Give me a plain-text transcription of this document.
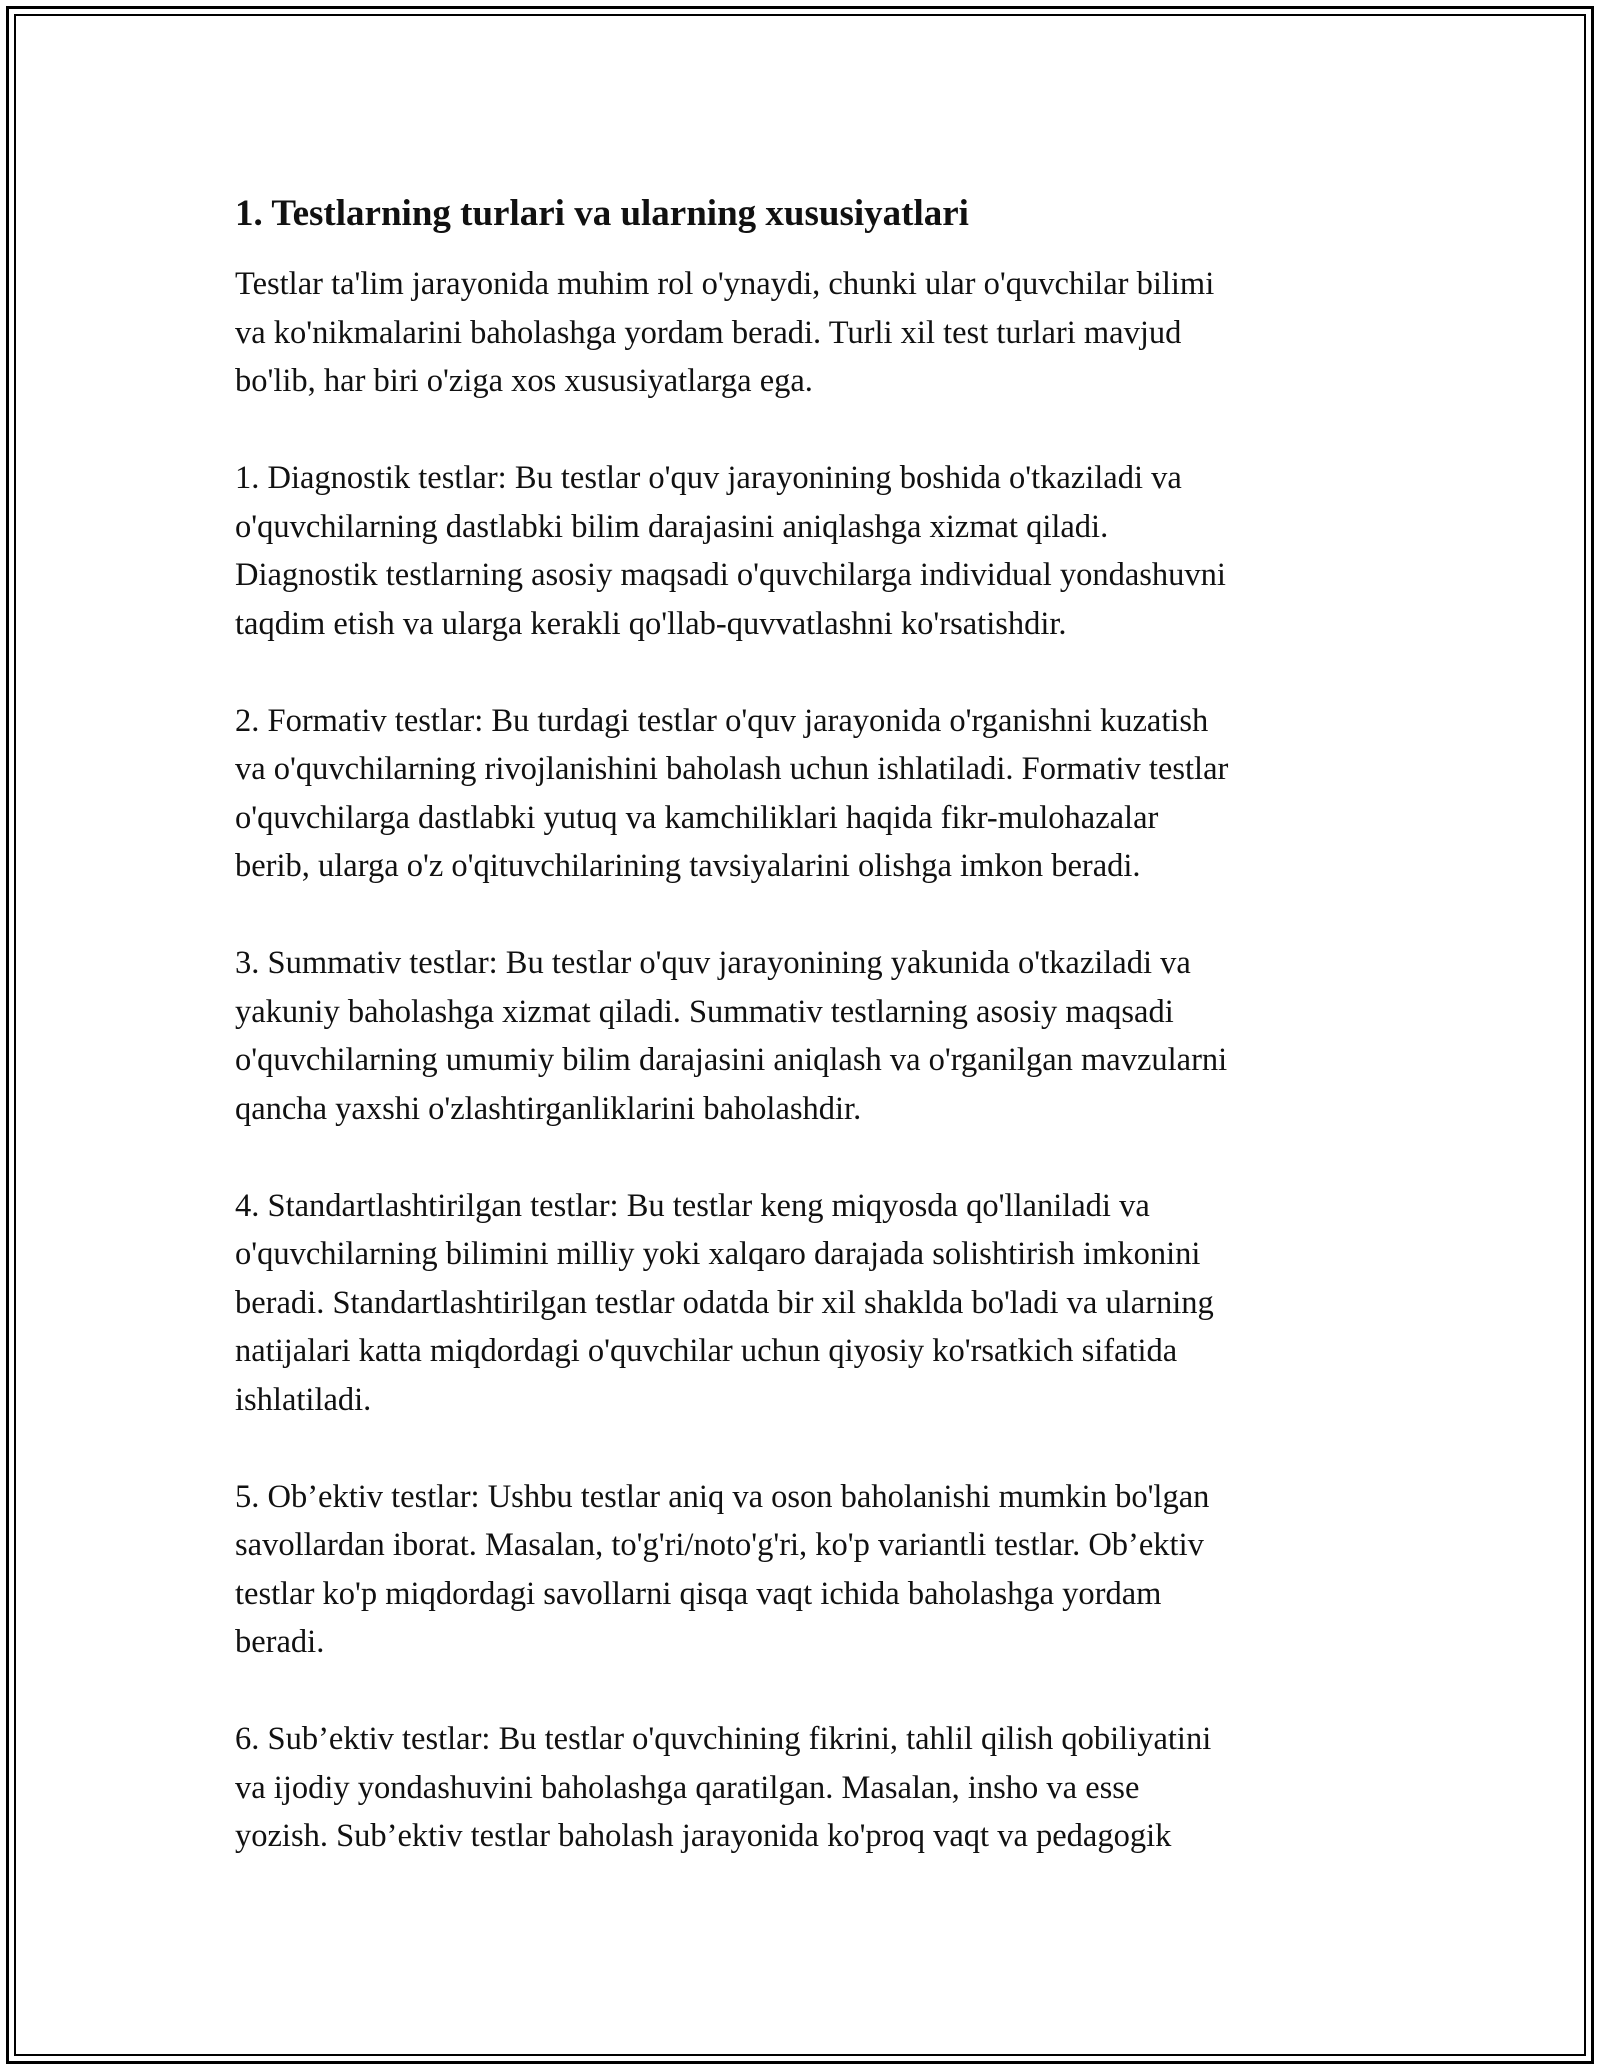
1. Testlarning turlari va ularning xususiyatlari

Testlar ta'lim jarayonida muhim rol o'ynaydi, chunki ular o'quvchilar bilimi
va ko'nikmalarini baholashga yordam beradi. Turli xil test turlari mavjud
bo'lib, har biri o'ziga xos xususiyatlarga ega.

1. Diagnostik testlar: Bu testlar o'quv jarayonining boshida o'tkaziladi va
o'quvchilarning dastlabki bilim darajasini aniqlashga xizmat qiladi.
Diagnostik testlarning asosiy maqsadi o'quvchilarga individual yondashuvni
taqdim etish va ularga kerakli qo'llab-quvvatlashni ko'rsatishdir.

2. Formativ testlar: Bu turdagi testlar o'quv jarayonida o'rganishni kuzatish
va o'quvchilarning rivojlanishini baholash uchun ishlatiladi. Formativ testlar
o'quvchilarga dastlabki yutuq va kamchiliklari haqida fikr-mulohazalar
berib, ularga o'z o'qituvchilarining tavsiyalarini olishga imkon beradi.

3. Summativ testlar: Bu testlar o'quv jarayonining yakunida o'tkaziladi va
yakuniy baholashga xizmat qiladi. Summativ testlarning asosiy maqsadi
o'quvchilarning umumiy bilim darajasini aniqlash va o'rganilgan mavzularni
qancha yaxshi o'zlashtirganliklarini baholashdir.

4. Standartlashtirilgan testlar: Bu testlar keng miqyosda qo'llaniladi va
o'quvchilarning bilimini milliy yoki xalqaro darajada solishtirish imkonini
beradi. Standartlashtirilgan testlar odatda bir xil shaklda bo'ladi va ularning
natijalari katta miqdordagi o'quvchilar uchun qiyosiy ko'rsatkich sifatida
ishlatiladi.

5. Ob’ektiv testlar: Ushbu testlar aniq va oson baholanishi mumkin bo'lgan
savollardan iborat. Masalan, to'g'ri/noto'g'ri, ko'p variantli testlar. Ob’ektiv
testlar ko'p miqdordagi savollarni qisqa vaqt ichida baholashga yordam
beradi.

6. Sub’ektiv testlar: Bu testlar o'quvchining fikrini, tahlil qilish qobiliyatini
va ijodiy yondashuvini baholashga qaratilgan. Masalan, insho va esse
yozish. Sub’ektiv testlar baholash jarayonida ko'proq vaqt va pedagogik
